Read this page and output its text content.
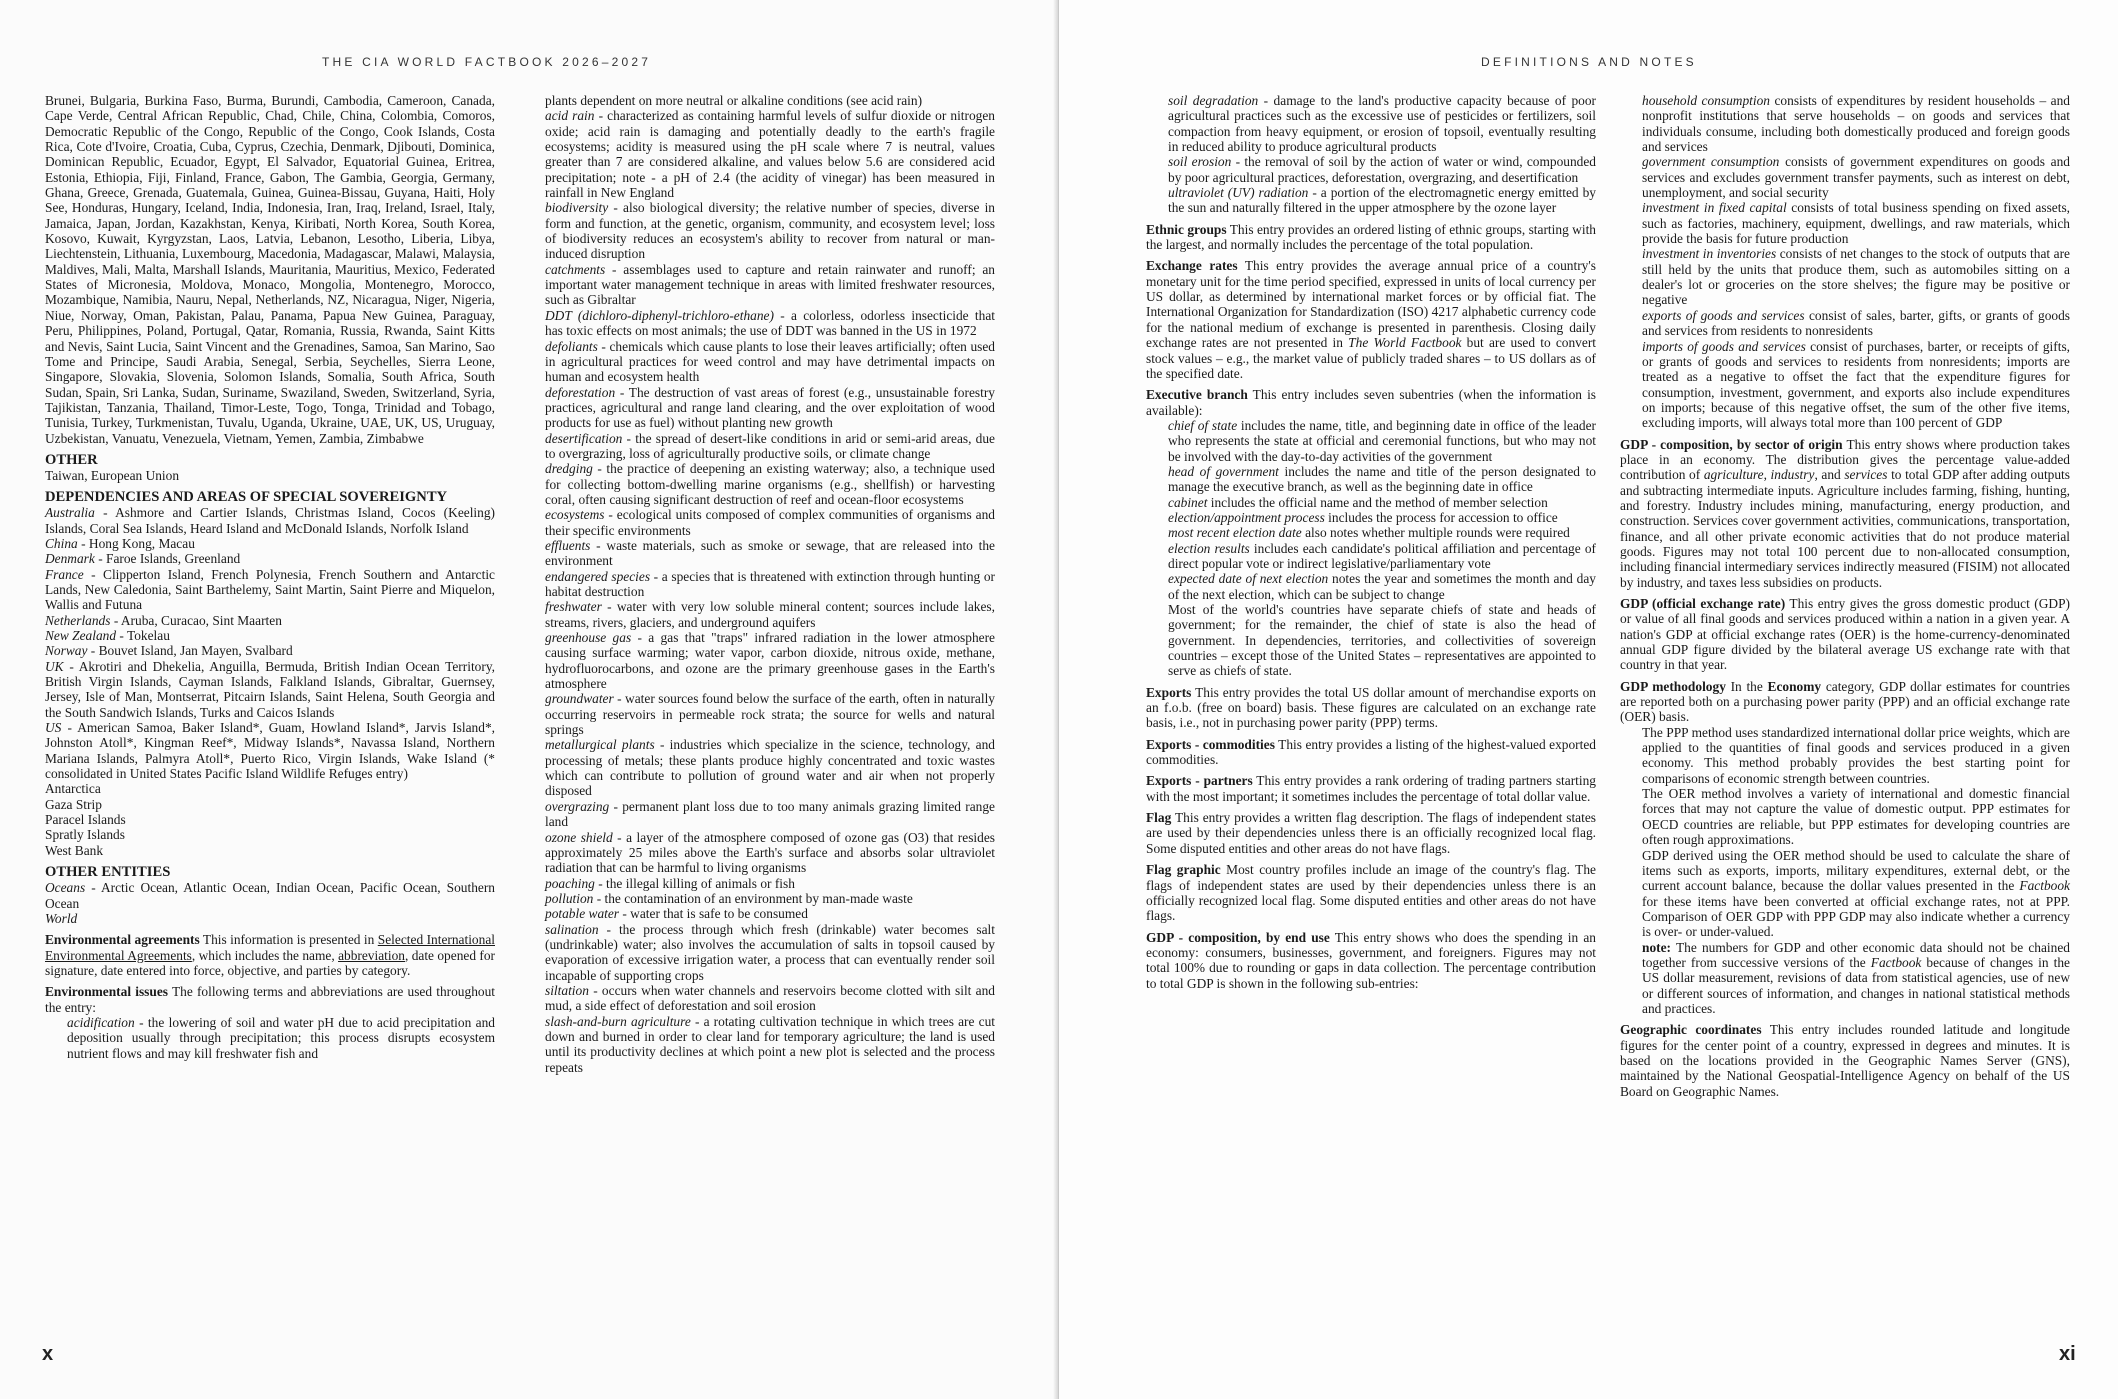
THE CIA WORLD FACTBOOK 2026–2027
Brunei, Bulgaria, Burkina Faso, Burma, Burundi, Cambodia, Cameroon, Canada, Cape Verde, Central African Republic, Chad, Chile, China, Colombia, Comoros, Democratic Republic of the Congo, Republic of the Congo, Cook Islands, Costa Rica, Cote d'Ivoire, Croatia, Cuba, Cyprus, Czechia, Denmark, Djibouti, Dominica, Dominican Republic, Ecuador, Egypt, El Salvador, Equatorial Guinea, Eritrea, Estonia, Ethiopia, Fiji, Finland, France, Gabon, The Gambia, Georgia, Germany, Ghana, Greece, Grenada, Guatemala, Guinea, Guinea-Bissau, Guyana, Haiti, Holy See, Honduras, Hungary, Iceland, India, Indonesia, Iran, Iraq, Ireland, Israel, Italy, Jamaica, Japan, Jordan, Kazakhstan, Kenya, Kiribati, North Korea, South Korea, Kosovo, Kuwait, Kyrgyzstan, Laos, Latvia, Lebanon, Lesotho, Liberia, Libya, Liechtenstein, Lithuania, Luxembourg, Macedonia, Madagascar, Malawi, Malaysia, Maldives, Mali, Malta, Marshall Islands, Mauritania, Mauritius, Mexico, Federated States of Micronesia, Moldova, Monaco, Mongolia, Montenegro, Morocco, Mozambique, Namibia, Nauru, Nepal, Netherlands, NZ, Nicaragua, Niger, Nigeria, Niue, Norway, Oman, Pakistan, Palau, Panama, Papua New Guinea, Paraguay, Peru, Philippines, Poland, Portugal, Qatar, Romania, Russia, Rwanda, Saint Kitts and Nevis, Saint Lucia, Saint Vincent and the Grenadines, Samoa, San Marino, Sao Tome and Principe, Saudi Arabia, Senegal, Serbia, Seychelles, Sierra Leone, Singapore, Slovakia, Slovenia, Solomon Islands, Somalia, South Africa, South Sudan, Spain, Sri Lanka, Sudan, Suriname, Swaziland, Sweden, Switzerland, Syria, Tajikistan, Tanzania, Thailand, Timor-Leste, Togo, Tonga, Trinidad and Tobago, Tunisia, Turkey, Turkmenistan, Tuvalu, Uganda, Ukraine, UAE, UK, US, Uruguay, Uzbekistan, Vanuatu, Venezuela, Vietnam, Yemen, Zambia, Zimbabwe
OTHER
Taiwan, European Union
DEPENDENCIES AND AREAS OF SPECIAL SOVEREIGNTY
Australia - Ashmore and Cartier Islands, Christmas Island, Cocos (Keeling) Islands, Coral Sea Islands, Heard Island and McDonald Islands, Norfolk Island
China - Hong Kong, Macau
Denmark - Faroe Islands, Greenland
France - Clipperton Island, French Polynesia, French Southern and Antarctic Lands, New Caledonia, Saint Barthelemy, Saint Martin, Saint Pierre and Miquelon, Wallis and Futuna
Netherlands - Aruba, Curacao, Sint Maarten
New Zealand - Tokelau
Norway - Bouvet Island, Jan Mayen, Svalbard
UK - Akrotiri and Dhekelia, Anguilla, Bermuda, British Indian Ocean Territory, British Virgin Islands, Cayman Islands, Falkland Islands, Gibraltar, Guernsey, Jersey, Isle of Man, Montserrat, Pitcairn Islands, Saint Helena, South Georgia and the South Sandwich Islands, Turks and Caicos Islands
US - American Samoa, Baker Island*, Guam, Howland Island*, Jarvis Island*, Johnston Atoll*, Kingman Reef*, Midway Islands*, Navassa Island, Northern Mariana Islands, Palmyra Atoll*, Puerto Rico, Virgin Islands, Wake Island (* consolidated in United States Pacific Island Wildlife Refuges entry)
Antarctica
Gaza Strip
Paracel Islands
Spratly Islands
West Bank
OTHER ENTITIES
Oceans - Arctic Ocean, Atlantic Ocean, Indian Ocean, Pacific Ocean, Southern Ocean
World
Environmental agreements This information is presented in Selected International Environmental Agreements, which includes the name, abbreviation, date opened for signature, date entered into force, objective, and parties by category.
Environmental issues The following terms and abbreviations are used throughout the entry:
acidification - the lowering of soil and water pH due to acid precipitation and deposition usually through precipitation; this process disrupts ecosystem nutrient flows and may kill freshwater fish and
plants dependent on more neutral or alkaline conditions (see acid rain)
acid rain - characterized as containing harmful levels of sulfur dioxide or nitrogen oxide; acid rain is damaging and potentially deadly to the earth's fragile ecosystems; acidity is measured using the pH scale where 7 is neutral, values greater than 7 are considered alkaline, and values below 5.6 are considered acid precipitation; note - a pH of 2.4 (the acidity of vinegar) has been measured in rainfall in New England
biodiversity - also biological diversity; the relative number of species, diverse in form and function, at the genetic, organism, community, and ecosystem level; loss of biodiversity reduces an ecosystem's ability to recover from natural or man-induced disruption
catchments - assemblages used to capture and retain rainwater and runoff; an important water management technique in areas with limited freshwater resources, such as Gibraltar
DDT (dichloro-diphenyl-trichloro-ethane) - a colorless, odorless insecticide that has toxic effects on most animals; the use of DDT was banned in the US in 1972
defoliants - chemicals which cause plants to lose their leaves artificially; often used in agricultural practices for weed control and may have detrimental impacts on human and ecosystem health
deforestation - The destruction of vast areas of forest (e.g., unsustainable forestry practices, agricultural and range land clearing, and the over exploitation of wood products for use as fuel) without planting new growth
desertification - the spread of desert-like conditions in arid or semi-arid areas, due to overgrazing, loss of agriculturally productive soils, or climate change
dredging - the practice of deepening an existing waterway; also, a technique used for collecting bottom-dwelling marine organisms (e.g., shellfish) or harvesting coral, often causing significant destruction of reef and ocean-floor ecosystems
ecosystems - ecological units composed of complex communities of organisms and their specific environments
effluents - waste materials, such as smoke or sewage, that are released into the environment
endangered species - a species that is threatened with extinction through hunting or habitat destruction
freshwater - water with very low soluble mineral content; sources include lakes, streams, rivers, glaciers, and underground aquifers
greenhouse gas - a gas that "traps" infrared radiation in the lower atmosphere causing surface warming; water vapor, carbon dioxide, nitrous oxide, methane, hydrofluorocarbons, and ozone are the primary greenhouse gases in the Earth's atmosphere
groundwater - water sources found below the surface of the earth, often in naturally occurring reservoirs in permeable rock strata; the source for wells and natural springs
metallurgical plants - industries which specialize in the science, technology, and processing of metals; these plants produce highly concentrated and toxic wastes which can contribute to pollution of ground water and air when not properly disposed
overgrazing - permanent plant loss due to too many animals grazing limited range land
ozone shield - a layer of the atmosphere composed of ozone gas (O3) that resides approximately 25 miles above the Earth's surface and absorbs solar ultraviolet radiation that can be harmful to living organisms
poaching - the illegal killing of animals or fish
pollution - the contamination of an environment by man-made waste
potable water - water that is safe to be consumed
salination - the process through which fresh (drinkable) water becomes salt (undrinkable) water; also involves the accumulation of salts in topsoil caused by evaporation of excessive irrigation water, a process that can eventually render soil incapable of supporting crops
siltation - occurs when water channels and reservoirs become clotted with silt and mud, a side effect of deforestation and soil erosion
slash-and-burn agriculture - a rotating cultivation technique in which trees are cut down and burned in order to clear land for temporary agriculture; the land is used until its productivity declines at which point a new plot is selected and the process repeats
x
DEFINITIONS AND NOTES
xi
soil degradation - damage to the land's productive capacity because of poor agricultural practices such as the excessive use of pesticides or fertilizers, soil compaction from heavy equipment, or erosion of topsoil, eventually resulting in reduced ability to produce agricultural products
soil erosion - the removal of soil by the action of water or wind, compounded by poor agricultural practices, deforestation, overgrazing, and desertification
ultraviolet (UV) radiation - a portion of the electromagnetic energy emitted by the sun and naturally filtered in the upper atmosphere by the ozone layer
Ethnic groups This entry provides an ordered listing of ethnic groups, starting with the largest, and normally includes the percentage of the total population.
Exchange rates This entry provides the average annual price of a country's monetary unit for the time period specified, expressed in units of local currency per US dollar, as determined by international market forces or by official fiat. The International Organization for Standardization (ISO) 4217 alphabetic currency code for the national medium of exchange is presented in parenthesis. Closing daily exchange rates are not presented in The World Factbook but are used to convert stock values – e.g., the market value of publicly traded shares – to US dollars as of the specified date.
Executive branch This entry includes seven subentries (when the information is available):
chief of state includes the name, title, and beginning date in office of the leader who represents the state at official and ceremonial functions, but who may not be involved with the day-to-day activities of the government
head of government includes the name and title of the person designated to manage the executive branch, as well as the beginning date in office
cabinet includes the official name and the method of member selection
election/appointment process includes the process for accession to office
most recent election date also notes whether multiple rounds were required
election results includes each candidate's political affiliation and percentage of direct popular vote or indirect legislative/parliamentary vote
expected date of next election notes the year and sometimes the month and day of the next election, which can be subject to change
Most of the world's countries have separate chiefs of state and heads of government; for the remainder, the chief of state is also the head of government. In dependencies, territories, and collectivities of sovereign countries – except those of the United States – representatives are appointed to serve as chiefs of state.
Exports This entry provides the total US dollar amount of merchandise exports on an f.o.b. (free on board) basis. These figures are calculated on an exchange rate basis, i.e., not in purchasing power parity (PPP) terms.
Exports - commodities This entry provides a listing of the highest-valued exported commodities.
Exports - partners This entry provides a rank ordering of trading partners starting with the most important; it sometimes includes the percentage of total dollar value.
Flag This entry provides a written flag description. The flags of independent states are used by their dependencies unless there is an officially recognized local flag. Some disputed entities and other areas do not have flags.
Flag graphic Most country profiles include an image of the country's flag. The flags of independent states are used by their dependencies unless there is an officially recognized local flag. Some disputed entities and other areas do not have flags.
GDP - composition, by end use This entry shows who does the spending in an economy: consumers, businesses, government, and foreigners. Figures may not total 100% due to rounding or gaps in data collection. The percentage contribution to total GDP is shown in the following sub-entries:
household consumption consists of expenditures by resident households – and nonprofit institutions that serve households – on goods and services that individuals consume, including both domestically produced and foreign goods and services
government consumption consists of government expenditures on goods and services and excludes government transfer payments, such as interest on debt, unemployment, and social security
investment in fixed capital consists of total business spending on fixed assets, such as factories, machinery, equipment, dwellings, and raw materials, which provide the basis for future production
investment in inventories consists of net changes to the stock of outputs that are still held by the units that produce them, such as automobiles sitting on a dealer's lot or groceries on the store shelves; the figure may be positive or negative
exports of goods and services consist of sales, barter, gifts, or grants of goods and services from residents to nonresidents
imports of goods and services consist of purchases, barter, or receipts of gifts, or grants of goods and services to residents from nonresidents; imports are treated as a negative to offset the fact that the expenditure figures for consumption, investment, government, and exports also include expenditures on imports; because of this negative offset, the sum of the other five items, excluding imports, will always total more than 100 percent of GDP
GDP - composition, by sector of origin This entry shows where production takes place in an economy. The distribution gives the percentage value-added contribution of agriculture, industry, and services to total GDP after adding outputs and subtracting intermediate inputs. Agriculture includes farming, fishing, hunting, and forestry. Industry includes mining, manufacturing, energy production, and construction. Services cover government activities, communications, transportation, finance, and all other private economic activities that do not produce material goods. Figures may not total 100 percent due to non-allocated consumption, including financial intermediary services indirectly measured (FISIM) not allocated by industry, and taxes less subsidies on products.
GDP (official exchange rate) This entry gives the gross domestic product (GDP) or value of all final goods and services produced within a nation in a given year. A nation's GDP at official exchange rates (OER) is the home-currency-denominated annual GDP figure divided by the bilateral average US exchange rate with that country in that year.
GDP methodology In the Economy category, GDP dollar estimates for countries are reported both on a purchasing power parity (PPP) and an official exchange rate (OER) basis.
The PPP method uses standardized international dollar price weights, which are applied to the quantities of final goods and services produced in a given economy. This method probably provides the best starting point for comparisons of economic strength between countries.
The OER method involves a variety of international and domestic financial forces that may not capture the value of domestic output. PPP estimates for OECD countries are reliable, but PPP estimates for developing countries are often rough approximations.
GDP derived using the OER method should be used to calculate the share of items such as exports, imports, military expenditures, external debt, or the current account balance, because the dollar values presented in the Factbook for these items have been converted at official exchange rates, not at PPP. Comparison of OER GDP with PPP GDP may also indicate whether a currency is over- or under-valued.
note: The numbers for GDP and other economic data should not be chained together from successive versions of the Factbook because of changes in the US dollar measurement, revisions of data from statistical agencies, use of new or different sources of information, and changes in national statistical methods and practices.
Geographic coordinates This entry includes rounded latitude and longitude figures for the center point of a country, expressed in degrees and minutes. It is based on the locations provided in the Geographic Names Server (GNS), maintained by the National Geospatial-Intelligence Agency on behalf of the US Board on Geographic Names.
